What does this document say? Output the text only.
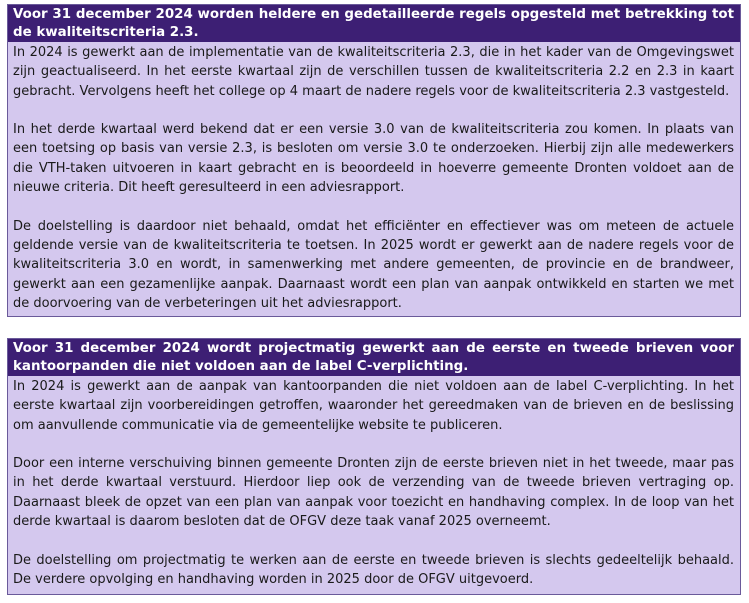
Voor 31 december 2024 worden heldere en gedetailleerde regels opgesteld met betrekking tot de kwaliteitscriteria 2.3.

In 2024 is gewerkt aan de implementatie van de kwaliteitscriteria 2.3, die in het kader van de Omgevingswet zijn geactualiseerd. In het eerste kwartaal zijn de verschillen tussen de kwaliteitscriteria 2.2 en 2.3 in kaart gebracht. Vervolgens heeft het college op 4 maart de nadere regels voor de kwaliteitscriteria 2.3 vastgesteld.

In het derde kwartaal werd bekend dat er een versie 3.0 van de kwaliteitscriteria zou komen. In plaats van een toetsing op basis van versie 2.3, is besloten om versie 3.0 te onderzoeken. Hierbij zijn alle medewerkers die VTH-taken uitvoeren in kaart gebracht en is beoordeeld in hoeverre gemeente Dronten voldoet aan de nieuwe criteria. Dit heeft geresulteerd in een adviesrapport.

De doelstelling is daardoor niet behaald, omdat het efficiënter en effectiever was om meteen de actuele geldende versie van de kwaliteitscriteria te toetsen. In 2025 wordt er gewerkt aan de nadere regels voor de kwaliteitscriteria 3.0 en wordt, in samenwerking met andere gemeenten, de provincie en de brandweer, gewerkt aan een gezamenlijke aanpak. Daarnaast wordt een plan van aanpak ontwikkeld en starten we met de doorvoering van de verbeteringen uit het adviesrapport.

Voor 31 december 2024 wordt projectmatig gewerkt aan de eerste en tweede brieven voor kantoorpanden die niet voldoen aan de label C-verplichting.

In 2024 is gewerkt aan de aanpak van kantoorpanden die niet voldoen aan de label C-verplichting. In het eerste kwartaal zijn voorbereidingen getroffen, waaronder het gereedmaken van de brieven en de beslissing om aanvullende communicatie via de gemeentelijke website te publiceren.

Door een interne verschuiving binnen gemeente Dronten zijn de eerste brieven niet in het tweede, maar pas in het derde kwartaal verstuurd. Hierdoor liep ook de verzending van de tweede brieven vertraging op. Daarnaast bleek de opzet van een plan van aanpak voor toezicht en handhaving complex. In de loop van het derde kwartaal is daarom besloten dat de OFGV deze taak vanaf 2025 overneemt.

De doelstelling om projectmatig te werken aan de eerste en tweede brieven is slechts gedeeltelijk behaald. De verdere opvolging en handhaving worden in 2025 door de OFGV uitgevoerd.
